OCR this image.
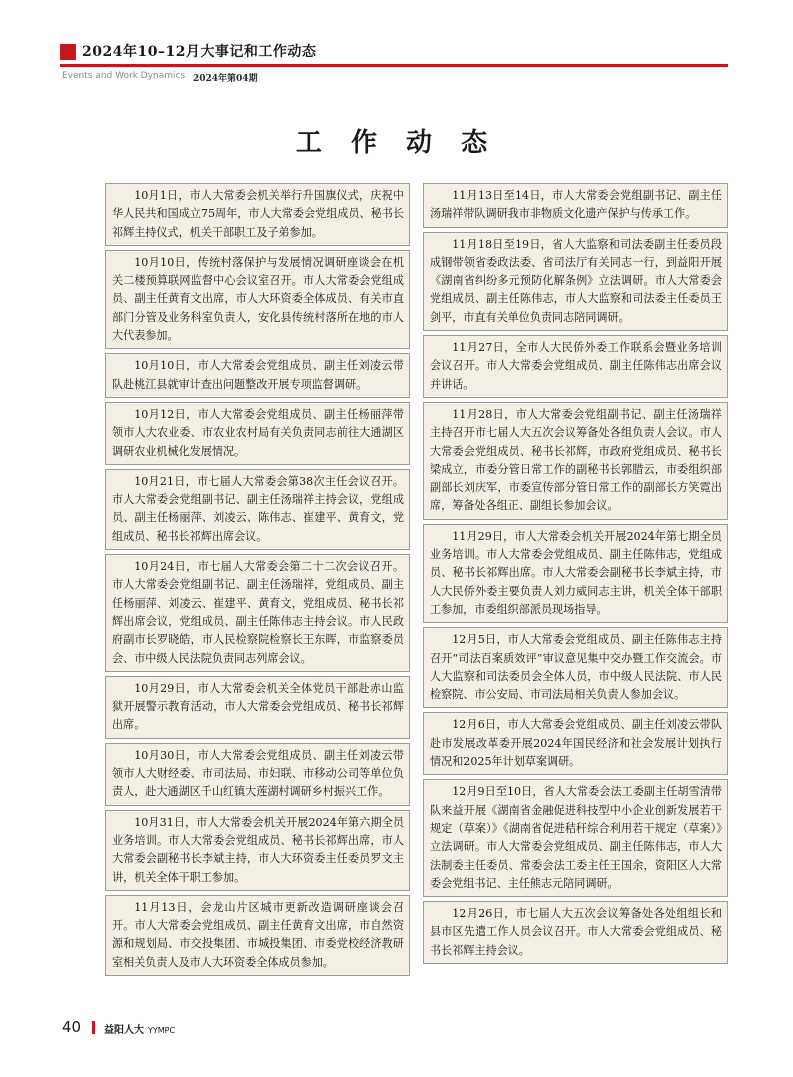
2024年10–12月大事记和工作动态
Events and Work Dynamics 2024年第04期
工 作 动 态
10月1日，市人大常委会机关举行升国旗仪式，庆祝中华人民共和国成立75周年，市人大常委会党组成员、秘书长祁辉主持仪式，机关干部职工及子弟参加。
10月10日，传统村落保护与发展情况调研座谈会在机关二楼预算联网监督中心会议室召开。市人大常委会党组成员、副主任黄育文出席，市人大环资委全体成员、有关市直部门分管及业务科室负责人，安化县传统村落所在地的市人大代表参加。
10月10日，市人大常委会党组成员、副主任刘凌云带队赴桃江县就审计查出问题整改开展专项监督调研。
10月12日，市人大常委会党组成员、副主任杨丽萍带领市人大农业委、市农业农村局有关负责同志前往大通湖区调研农业机械化发展情况。
10月21日，市七届人大常委会第38次主任会议召开。市人大常委会党组副书记、副主任汤瑞祥主持会议，党组成员、副主任杨丽萍、刘凌云、陈伟志、崔建平、黄育文，党组成员、秘书长祁辉出席会议。
10月24日，市七届人大常委会第二十二次会议召开。市人大常委会党组副书记、副主任汤瑞祥，党组成员、副主任杨丽萍、刘凌云、崔建平、黄育文，党组成员、秘书长祁辉出席会议，党组成员、副主任陈伟志主持会议。市人民政府副市长罗晓皓，市人民检察院检察长王东晖，市监察委员会、市中级人民法院负责同志列席会议。
10月29日，市人大常委会机关全体党员干部赴赤山监狱开展警示教育活动，市人大常委会党组成员、秘书长祁辉出席。
10月30日，市人大常委会党组成员、副主任刘凌云带领市人大财经委、市司法局、市妇联、市移动公司等单位负责人，赴大通湖区千山红镇大莲湖村调研乡村振兴工作。
10月31日，市人大常委会机关开展2024年第六期全员业务培训。市人大常委会党组成员、秘书长祁辉出席，市人大常委会副秘书长李斌主持，市人大环资委主任委员罗文主讲，机关全体干职工参加。
11月13日，会龙山片区城市更新改造调研座谈会召开。市人大常委会党组成员、副主任黄育文出席，市自然资源和规划局、市交投集团、市城投集团、市委党校经济教研室相关负责人及市人大环资委全体成员参加。
11月13日至14日，市人大常委会党组副书记、副主任汤瑞祥带队调研我市非物质文化遗产保护与传承工作。
11月18日至19日，省人大监察和司法委副主任委员段成钢带领省委政法委、省司法厅有关同志一行，到益阳开展《湖南省纠纷多元预防化解条例》立法调研。市人大常委会党组成员、副主任陈伟志，市人大监察和司法委主任委员王剑平，市直有关单位负责同志陪同调研。
11月27日，全市人大民侨外委工作联系会暨业务培训会议召开。市人大常委会党组成员、副主任陈伟志出席会议并讲话。
11月28日，市人大常委会党组副书记、副主任汤瑞祥主持召开市七届人大五次会议筹备处各组负责人会议。市人大常委会党组成员、秘书长祁辉，市政府党组成员、秘书长梁成立，市委分管日常工作的副秘书长郭腊云，市委组织部副部长刘庆军，市委宣传部分管日常工作的副部长方笑霓出席，筹备处各组正、副组长参加会议。
11月29日，市人大常委会机关开展2024年第七期全员业务培训。市人大常委会党组成员、副主任陈伟志，党组成员、秘书长祁辉出席。市人大常委会副秘书长李斌主持，市人大民侨外委主要负责人刘力威同志主讲，机关全体干部职工参加，市委组织部派员现场指导。
12月5日，市人大常委会党组成员、副主任陈伟志主持召开“司法百案质效评”审议意见集中交办暨工作交流会。市人大监察和司法委员会全体人员，市中级人民法院、市人民检察院、市公安局、市司法局相关负责人参加会议。
12月6日，市人大常委会党组成员、副主任刘凌云带队赴市发展改革委开展2024年国民经济和社会发展计划执行情况和2025年计划草案调研。
12月9日至10日，省人大常委会法工委副主任胡雪清带队来益开展《湖南省金融促进科技型中小企业创新发展若干规定（草案）》《湖南省促进秸秆综合利用若干规定（草案）》立法调研。市人大常委会党组成员、副主任陈伟志，市人大法制委主任委员、常委会法工委主任王国余，资阳区人大常委会党组书记、主任熊志元陪同调研。
12月26日，市七届人大五次会议筹备处各处组组长和县市区先遣工作人员会议召开。市人大常委会党组成员、秘书长祁辉主持会议。
40 益阳人大 YYMPC
